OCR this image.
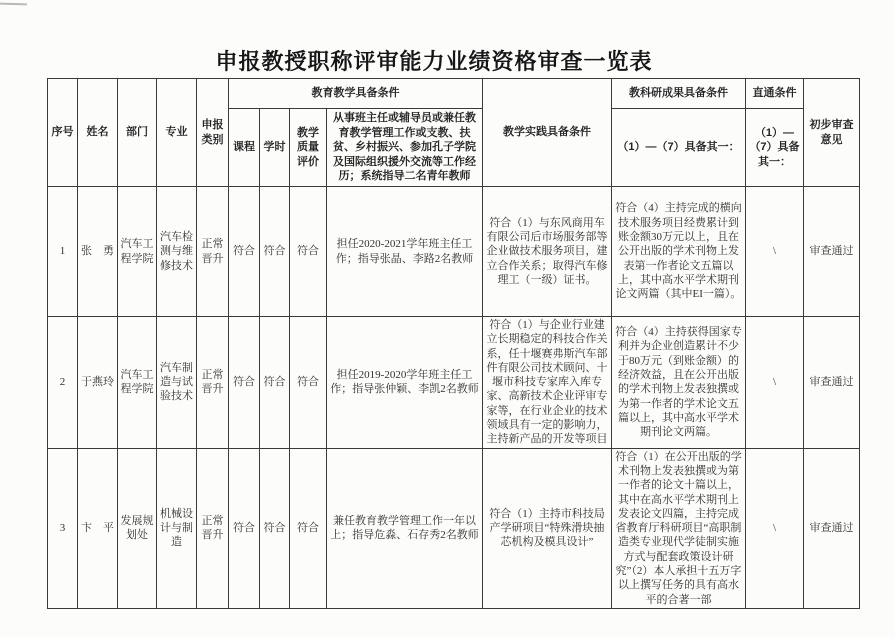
申报教授职称评审能力业绩资格审查一览表
序号	姓名	部门	专业	申报类别	教育教学具备条件				教学实践具备条件	教科研成果具备条件	直通条件	初步审查意见
					课程	学时	教学质量评价	从事班主任或辅导员或兼任教育教学管理工作或支教、扶贫、乡村振兴、参加孔子学院及国际组织援外交流等工作经历；系统指导二名青年教师		（1）—（7）具备其一：	（1）—（7）具备其一：	
1	张　勇	汽车工程学院	汽车检测与维修技术	正常晋升	符合	符合	符合	担任2020-2021学年班主任工作；指导张晶、李路2名教师	符合（1）与东风商用车有限公司后市场服务部等企业做技术服务项目，建立合作关系；取得汽车修理工（一级）证书。	符合（4）主持完成的横向技术服务项目经费累计到账金额30万元以上，且在公开出版的学术刊物上发表第一作者论文五篇以上，其中高水平学术期刊论文两篇（其中EI一篇）。	\	审查通过
2	于燕玲	汽车工程学院	汽车制造与试验技术	正常晋升	符合	符合	符合	担任2019-2020学年班主任工作；指导张仲颖、李凯2名教师	符合（1）与企业行业建立长期稳定的科技合作关系，任十堰赛弗斯汽车部件有限公司技术顾问、十堰市科技专家库入库专家、高新技术企业评审专家等，在行业企业的技术领域具有一定的影响力，主持新产品的开发等项目	符合（4）主持获得国家专利并为企业创造累计不少于80万元（到账金额）的经济效益，且在公开出版的学术刊物上发表独撰或为第一作者的学术论文五篇以上，其中高水平学术期刊论文两篇。	\	审查通过
3	卞　平	发展规划处	机械设计与制造	正常晋升	符合	符合	符合	兼任教育教学管理工作一年以上；指导危淼、石存秀2名教师	符合（1）主持市科技局产学研项目“特殊滑块抽芯机构及模具设计”	符合（1）在公开出版的学术刊物上发表独撰或为第一作者的论文十篇以上，其中在高水平学术期刊上发表论文四篇，主持完成省教育厅科研项目“高职制造类专业现代学徒制实施方式与配套政策设计研究”（2）本人承担十五万字以上撰写任务的具有高水平的合著一部	\	审查通过
